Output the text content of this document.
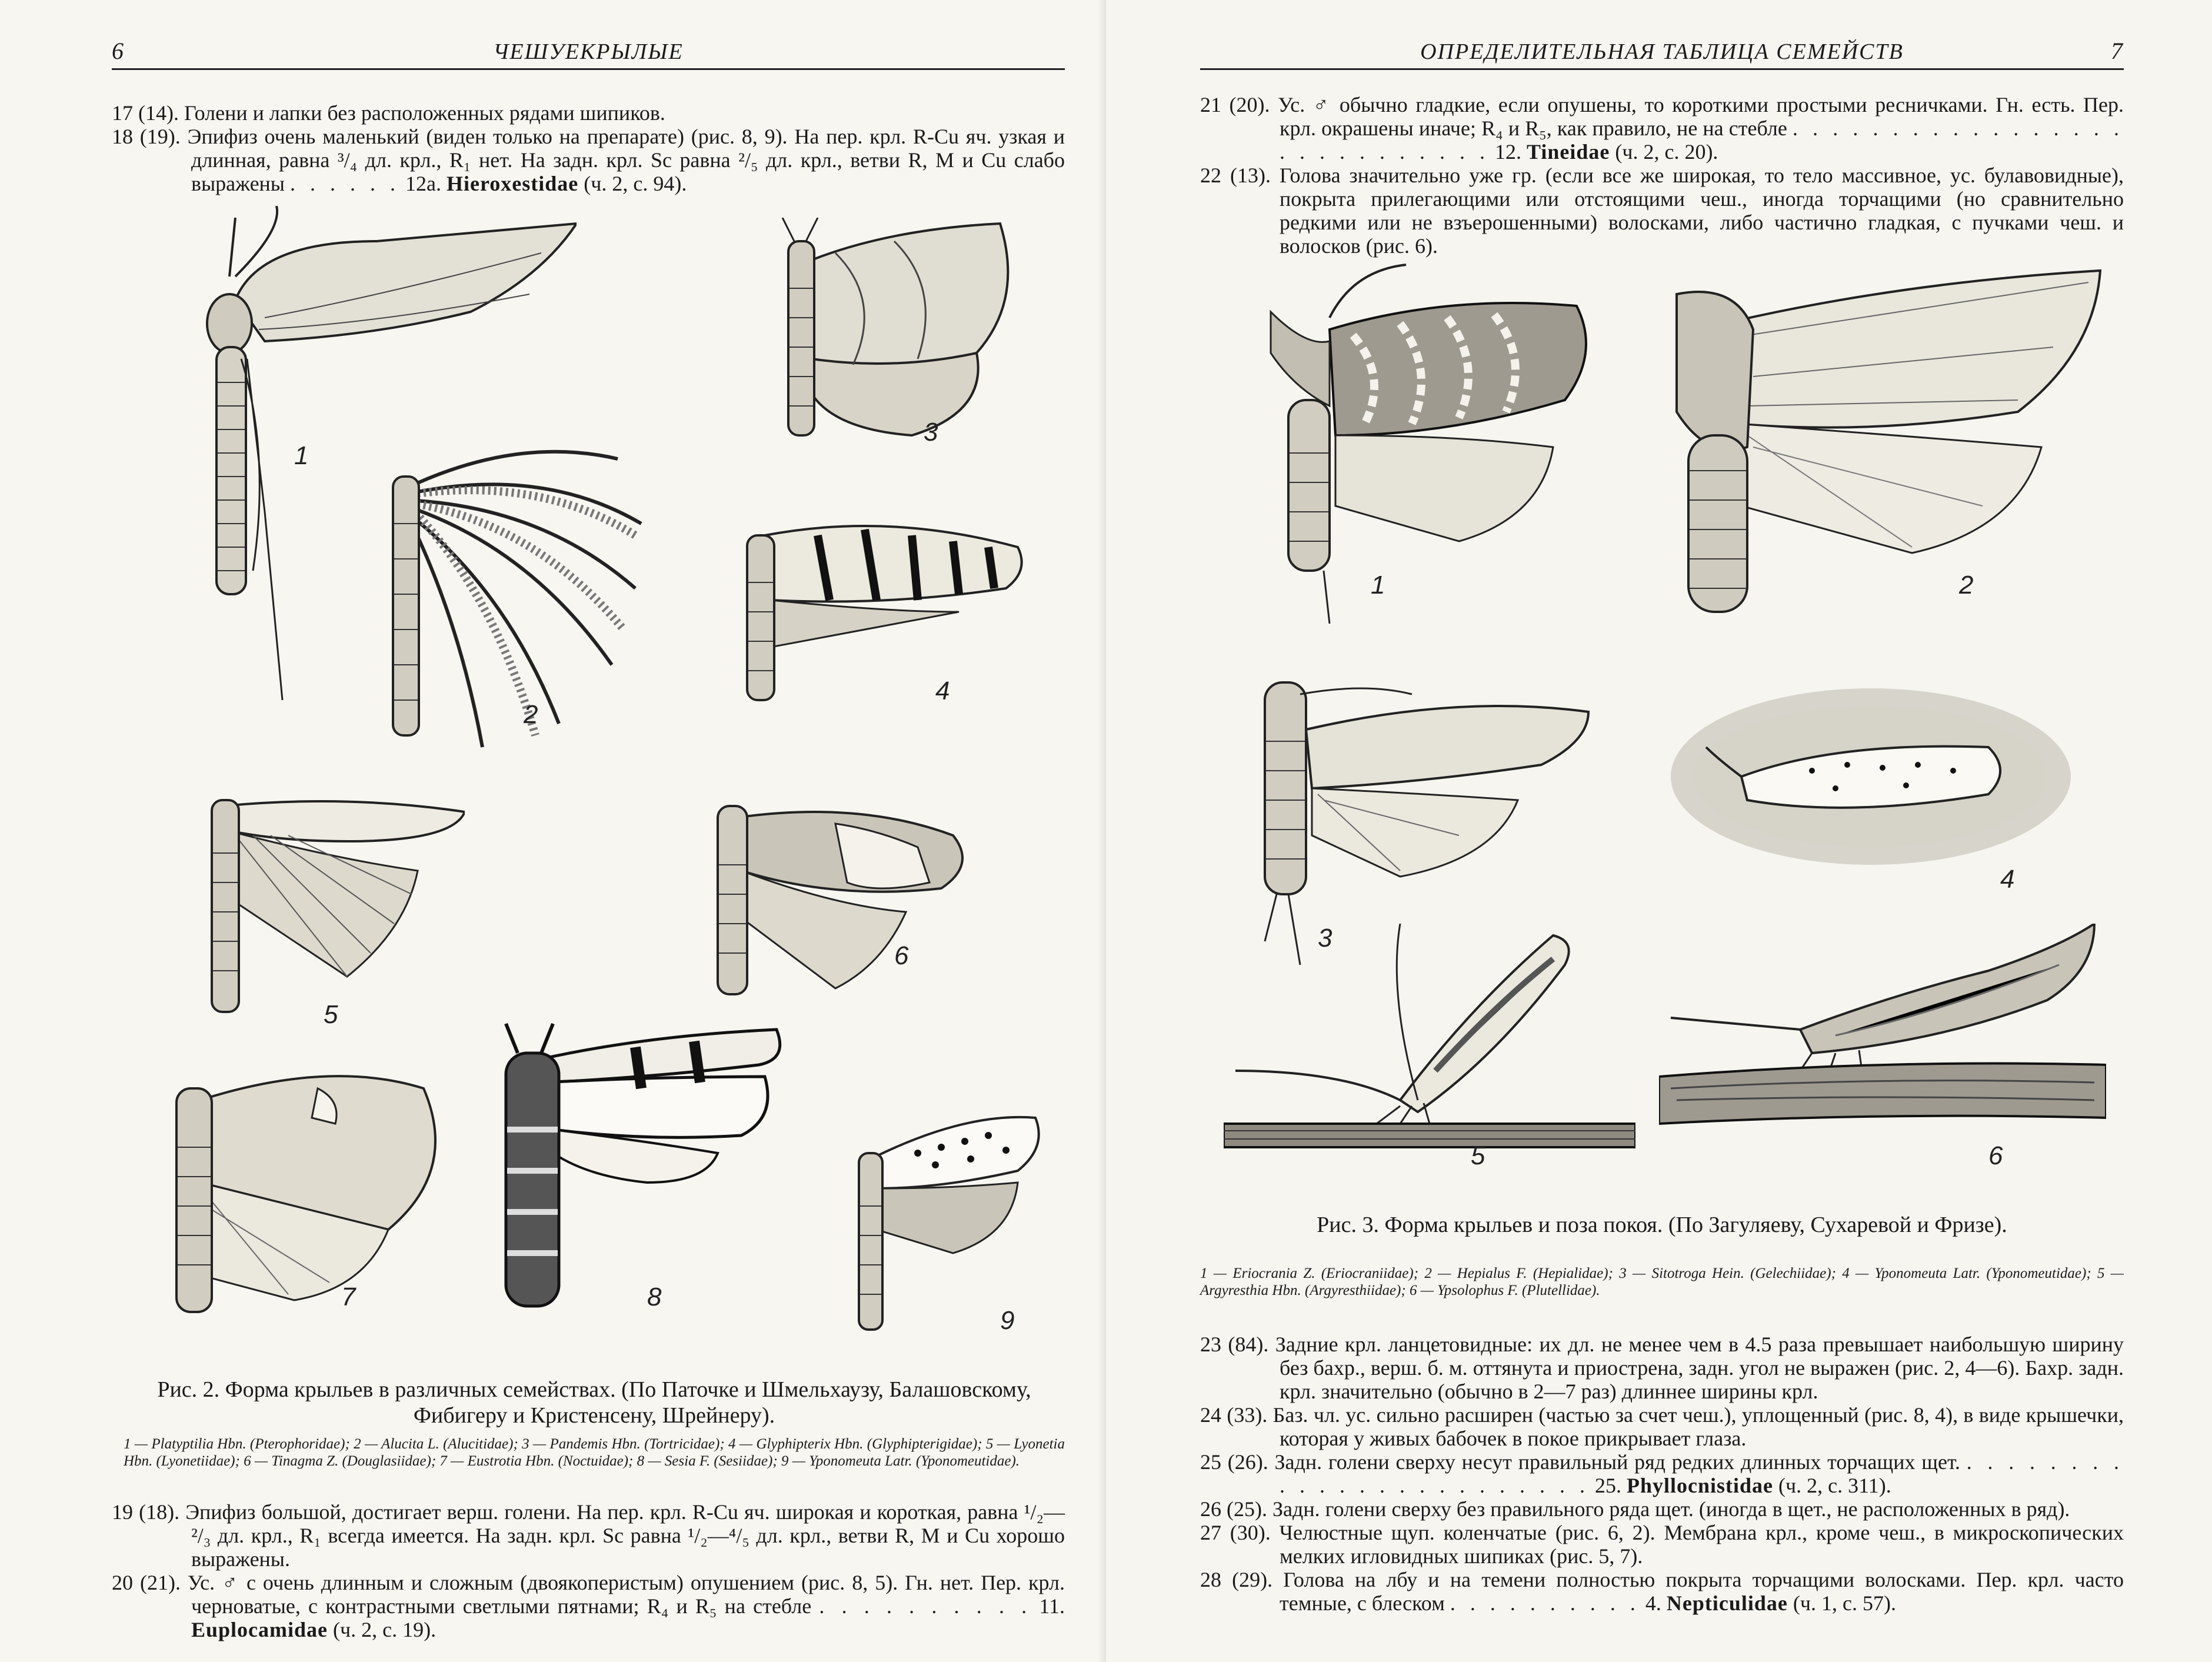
6	ЧЕШУЕКРЫЛЫЕ

17 (14). Голени и лапки без расположенных рядами шипиков.

18 (19). Эпифиз очень маленький (виден только на препарате) (рис. 8, 9). На пер. крл. R-Cu яч. узкая и длинная, равна ³/₄ дл. крл., R₁ нет. На задн. крл. Sc равна ²/₅ дл. крл., ветви R, M и Cu слабо выражены . . . . . . 12а. Hieroxestidae (ч. 2, с. 94).

1
3
2
4
5
6
7	8
9
Рис. 2. Форма крыльев в различных семействах. (По Паточке и Шмельхаузу, Балашовскому, Фибигеру и Кристенсену, Шрейнеру).
1 — Platyptilia Hbn. (Pterophoridae); 2 — Alucita L. (Alucitidae); 3 — Pandemis Hbn. (Tortricidae); 4 — Glyphipterix Hbn. (Glyphipterigidae); 5 — Lyonetia Hbn. (Lyonetiidae); 6 — Tinagma Z. (Douglasiidae); 7 — Eustrotia Hbn. (Noctuidae); 8 — Sesia F. (Sesiidae); 9 — Yponomeuta Latr. (Yponomeutidae).

19 (18). Эпифиз большой, достигает верш. голени. На пер. крл. R-Cu яч. широкая и короткая, равна ¹/₂—²/₃ дл. крл., R₁ всегда имеется. На задн. крл. Sc равна ¹/₂—⁴/₅ дл. крл., ветви R, M и Cu хорошо выражены.

20 (21). Ус. ♂ с очень длинным и сложным (двоякоперистым) опушением (рис. 8, 5). Гн. нет. Пер. крл. черноватые, с контрастными светлыми пятнами; R₄ и R₅ на стебле . . . . . . . . . . 11. Euplocamidae (ч. 2, с. 19).

ОПРЕДЕЛИТЕЛЬНАЯ ТАБЛИЦА СЕМЕЙСТВ	7

21 (20). Ус. ♂ обычно гладкие, если опушены, то короткими простыми ресничками. Гн. есть. Пер. крл. окрашены иначе; R₄ и R₅, как правило, не на стебле . . . . . . . . . . . . . . . . . . . . . . . . . . . . 12. Tineidae (ч. 2, с. 20).

22 (13). Голова значительно уже гр. (если все же широкая, то тело массивное, ус. булавовидные), покрыта прилегающими или отстоящими чеш., иногда торчащими (но сравнительно редкими или не взъерошенными) волосками, либо частично гладкая, с пучками чеш. и волосков (рис. 6).

1	2
3
4
5	6
Рис. 3. Форма крыльев и поза покоя. (По Загуляеву, Сухаревой и Фризе).
1 — Eriocrania Z. (Eriocraniidae); 2 — Hepialus F. (Hepialidae); 3 — Sitotroga Hein. (Gelechiidae); 4 — Yponomeuta Latr. (Yponomeutidae); 5 — Argyresthia Hbn. (Argyresthiidae); 6 — Ypsolophus F. (Plutellidae).

23 (84). Задние крл. ланцетовидные: их дл. не менее чем в 4.5 раза превышает наибольшую ширину без бахр., верш. б. м. оттянута и приострена, задн. угол не выражен (рис. 2, 4—6). Бахр. задн. крл. значительно (обычно в 2—7 раз) длиннее ширины крл.

24 (33). Баз. чл. ус. сильно расширен (частью за счет чеш.), уплощенный (рис. 8, 4), в виде крышечки, которая у живых бабочек в покое прикрывает глаза.

25 (26). Задн. голени сверху несут правильный ряд редких длинных торчащих щет. . . . . . . . . . . . . . . . . . . . . . . . . 25. Phyllocnistidae (ч. 2, с. 311).

26 (25). Задн. голени сверху без правильного ряда щет. (иногда в щет., не расположенных в ряд).

27 (30). Челюстные щуп. коленчатые (рис. 6, 2). Мембрана крл., кроме чеш., в микроскопических мелких игловидных шипиках (рис. 5, 7).

28 (29). Голова на лбу и на темени полностью покрыта торчащими волосками. Пер. крл. часто темные, с блеском . . . . . . . . . . 4. Nepticulidae (ч. 1, с. 57).
